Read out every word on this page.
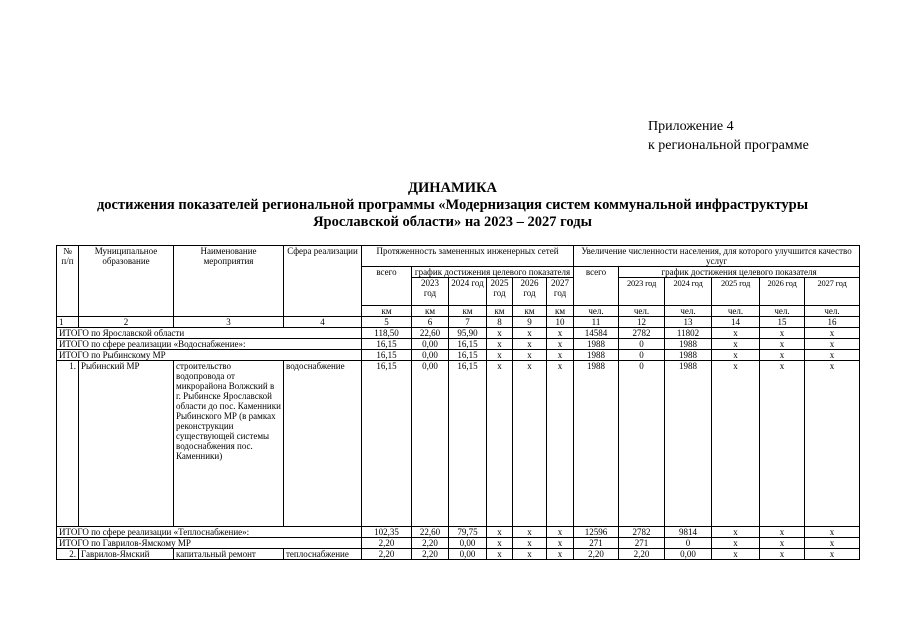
Приложение 4
к региональной программе
ДИНАМИКА
достижения показателей региональной программы «Модернизация систем коммунальной инфраструктуры
Ярославской области» на 2023 – 2027 годы
№ п/п	Муниципальное образование	Наименование мероприятия	Сфера реализации	Протяженность замененных инженерных сетей						Увеличение численности населения, для которого улучшится качество услуг					
				всего	график достижения целевого показателя					всего	график достижения целевого показателя				
					2023 год	2024 год	2025 год	2026 год	2027 год		2023 год	2024 год	2025 год	2026 год	2027 год
				км	км	км	км	км	км	чел.	чел.	чел.	чел.	чел.	чел.
1	2	3	4	5	6	7	8	9	10	11	12	13	14	15	16
ИТОГО по Ярославской области				118,50	22,60	95,90	х	х	х	14584	2782	11802	х	х	х
ИТОГО по сфере реализации «Водоснабжение»:				16,15	0,00	16,15	х	х	х	1988	0	1988	х	х	х
ИТОГО по Рыбинскому МР				16,15	0,00	16,15	х	х	х	1988	0	1988	х	х	х
1.	Рыбинский МР	строительство водопровода от микрорайона Волжский в г. Рыбинске Ярославской области до пос. Каменники Рыбинского МР (в рамках реконструкции существующей системы водоснабжения пос. Каменники)	водоснабжение	16,15	0,00	16,15	х	х	х	1988	0	1988	х	х	х
ИТОГО по сфере реализации «Теплоснабжение»:				102,35	22,60	79,75	х	х	х	12596	2782	9814	х	х	х
ИТОГО по Гаврилов-Ямскому МР				2,20	2,20	0,00	х	х	х	271	271	0	х	х	х
2.	Гаврилов-Ямский	капитальный ремонт	теплоснабжение	2,20	2,20	0,00	х	х	х	2,20	2,20	0,00	х	х	х
